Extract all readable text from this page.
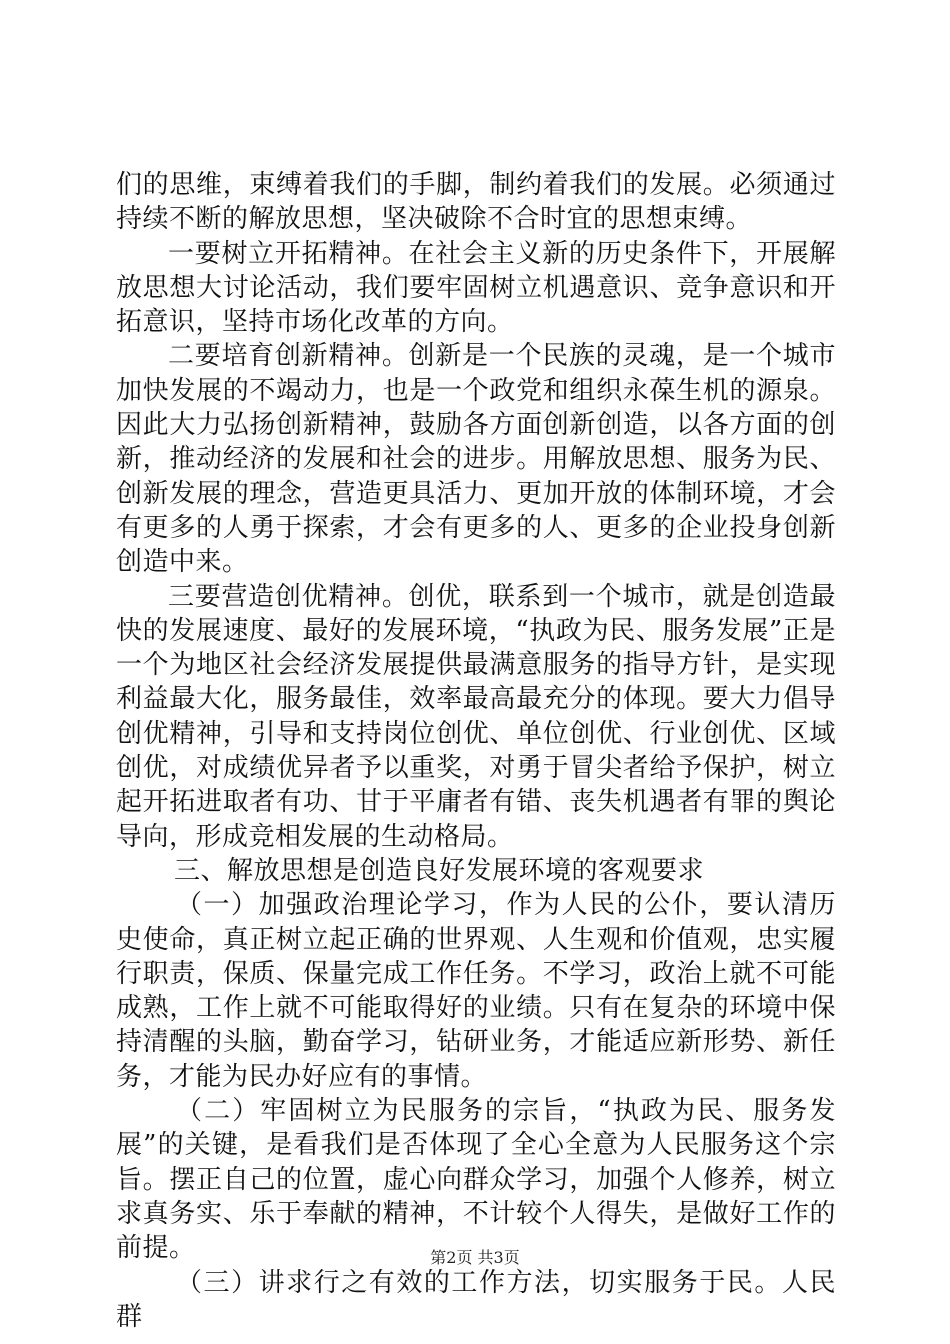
们的思维，束缚着我们的手脚，制约着我们的发展。必须通过持续不断的解放思想，坚决破除不合时宜的思想束缚。

一要树立开拓精神。在社会主义新的历史条件下，开展解放思想大讨论活动，我们要牢固树立机遇意识、竞争意识和开拓意识，坚持市场化改革的方向。

二要培育创新精神。创新是一个民族的灵魂，是一个城市加快发展的不竭动力，也是一个政党和组织永葆生机的源泉。因此大力弘扬创新精神，鼓励各方面创新创造，以各方面的创新，推动经济的发展和社会的进步。用解放思想、服务为民、创新发展的理念，营造更具活力、更加开放的体制环境，才会有更多的人勇于探索，才会有更多的人、更多的企业投身创新创造中来。

三要营造创优精神。创优，联系到一个城市，就是创造最快的发展速度、最好的发展环境，“执政为民、服务发展”正是一个为地区社会经济发展提供最满意服务的指导方针，是实现利益最大化，服务最佳，效率最高最充分的体现。要大力倡导创优精神，引导和支持岗位创优、单位创优、行业创优、区域创优，对成绩优异者予以重奖，对勇于冒尖者给予保护，树立起开拓进取者有功、甘于平庸者有错、丧失机遇者有罪的舆论导向，形成竞相发展的生动格局。

三、解放思想是创造良好发展环境的客观要求

（一）加强政治理论学习，作为人民的公仆，要认清历史使命，真正树立起正确的世界观、人生观和价值观，忠实履行职责，保质、保量完成工作任务。不学习，政治上就不可能成熟，工作上就不可能取得好的业绩。只有在复杂的环境中保持清醒的头脑，勤奋学习，钻研业务，才能适应新形势、新任务，才能为民办好应有的事情。

（二）牢固树立为民服务的宗旨，“执政为民、服务发展”的关键，是看我们是否体现了全心全意为人民服务这个宗旨。摆正自己的位置，虚心向群众学习，加强个人修养，树立求真务实、乐于奉献的精神，不计较个人得失，是做好工作的前提。

（三）讲求行之有效的工作方法，切实服务于民。人民群

第2页 共3页
